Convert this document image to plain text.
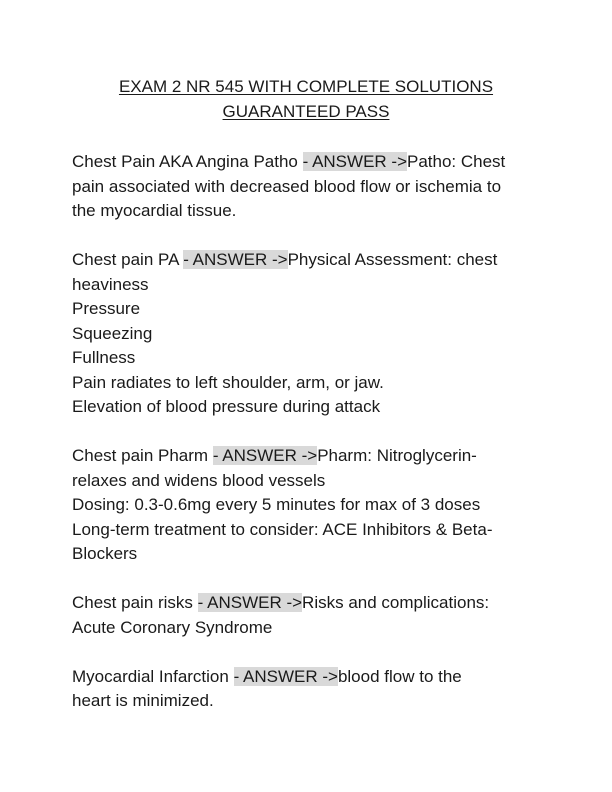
EXAM 2 NR 545 WITH COMPLETE SOLUTIONS
GUARANTEED PASS
Chest Pain AKA Angina Patho - ANSWER ->Patho: Chest
pain associated with decreased blood flow or ischemia to
the myocardial tissue.
Chest pain PA - ANSWER ->Physical Assessment: chest
heaviness
Pressure
Squeezing
Fullness
Pain radiates to left shoulder, arm, or jaw.
Elevation of blood pressure during attack
Chest pain Pharm - ANSWER ->Pharm: Nitroglycerin-
relaxes and widens blood vessels
Dosing: 0.3-0.6mg every 5 minutes for max of 3 doses
Long-term treatment to consider: ACE Inhibitors & Beta-
Blockers
Chest pain risks - ANSWER ->Risks and complications:
Acute Coronary Syndrome
Myocardial Infarction - ANSWER ->blood flow to the
heart is minimized.
